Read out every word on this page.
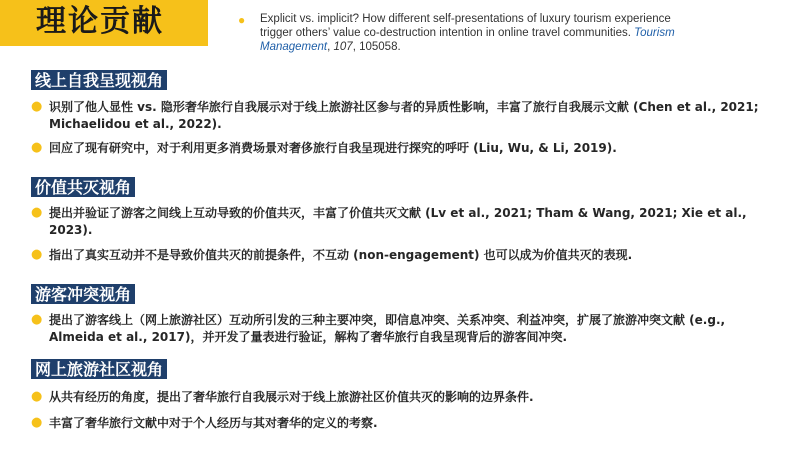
理论贡献	● Explicit vs. implicit? How different self-presentations of luxury tourism experience trigger others’ value co-destruction intention in online travel communities. Tourism Management, 107, 105058.
线上自我呈现视角
● 识别了他人显性 vs. 隐形奢华旅行自我展示对于线上旅游社区参与者的异质性影响，丰富了旅行自我展示文献 (Chen et al., 2021; Michaelidou et al., 2022).
● 回应了现有研究中，对于利用更多消费场景对奢侈旅行自我呈现进行探究的呼吁 (Liu, Wu, & Li, 2019).
价值共灭视角
● 提出并验证了游客之间线上互动导致的价值共灭，丰富了价值共灭文献 (Lv et al., 2021; Tham & Wang, 2021; Xie et al., 2023).
● 指出了真实互动并不是导致价值共灭的前提条件，不互动 (non-engagement) 也可以成为价值共灭的表现.
游客冲突视角
● 提出了游客线上（网上旅游社区）互动所引发的三种主要冲突，即信息冲突、关系冲突、利益冲突，扩展了旅游冲突文献 (e.g., Almeida et al., 2017)，并开发了量表进行验证，解构了奢华旅行自我呈现背后的游客间冲突.
网上旅游社区视角
● 从共有经历的角度，提出了奢华旅行自我展示对于线上旅游社区价值共灭的影响的边界条件.
● 丰富了奢华旅行文献中对于个人经历与其对奢华的定义的考察.
